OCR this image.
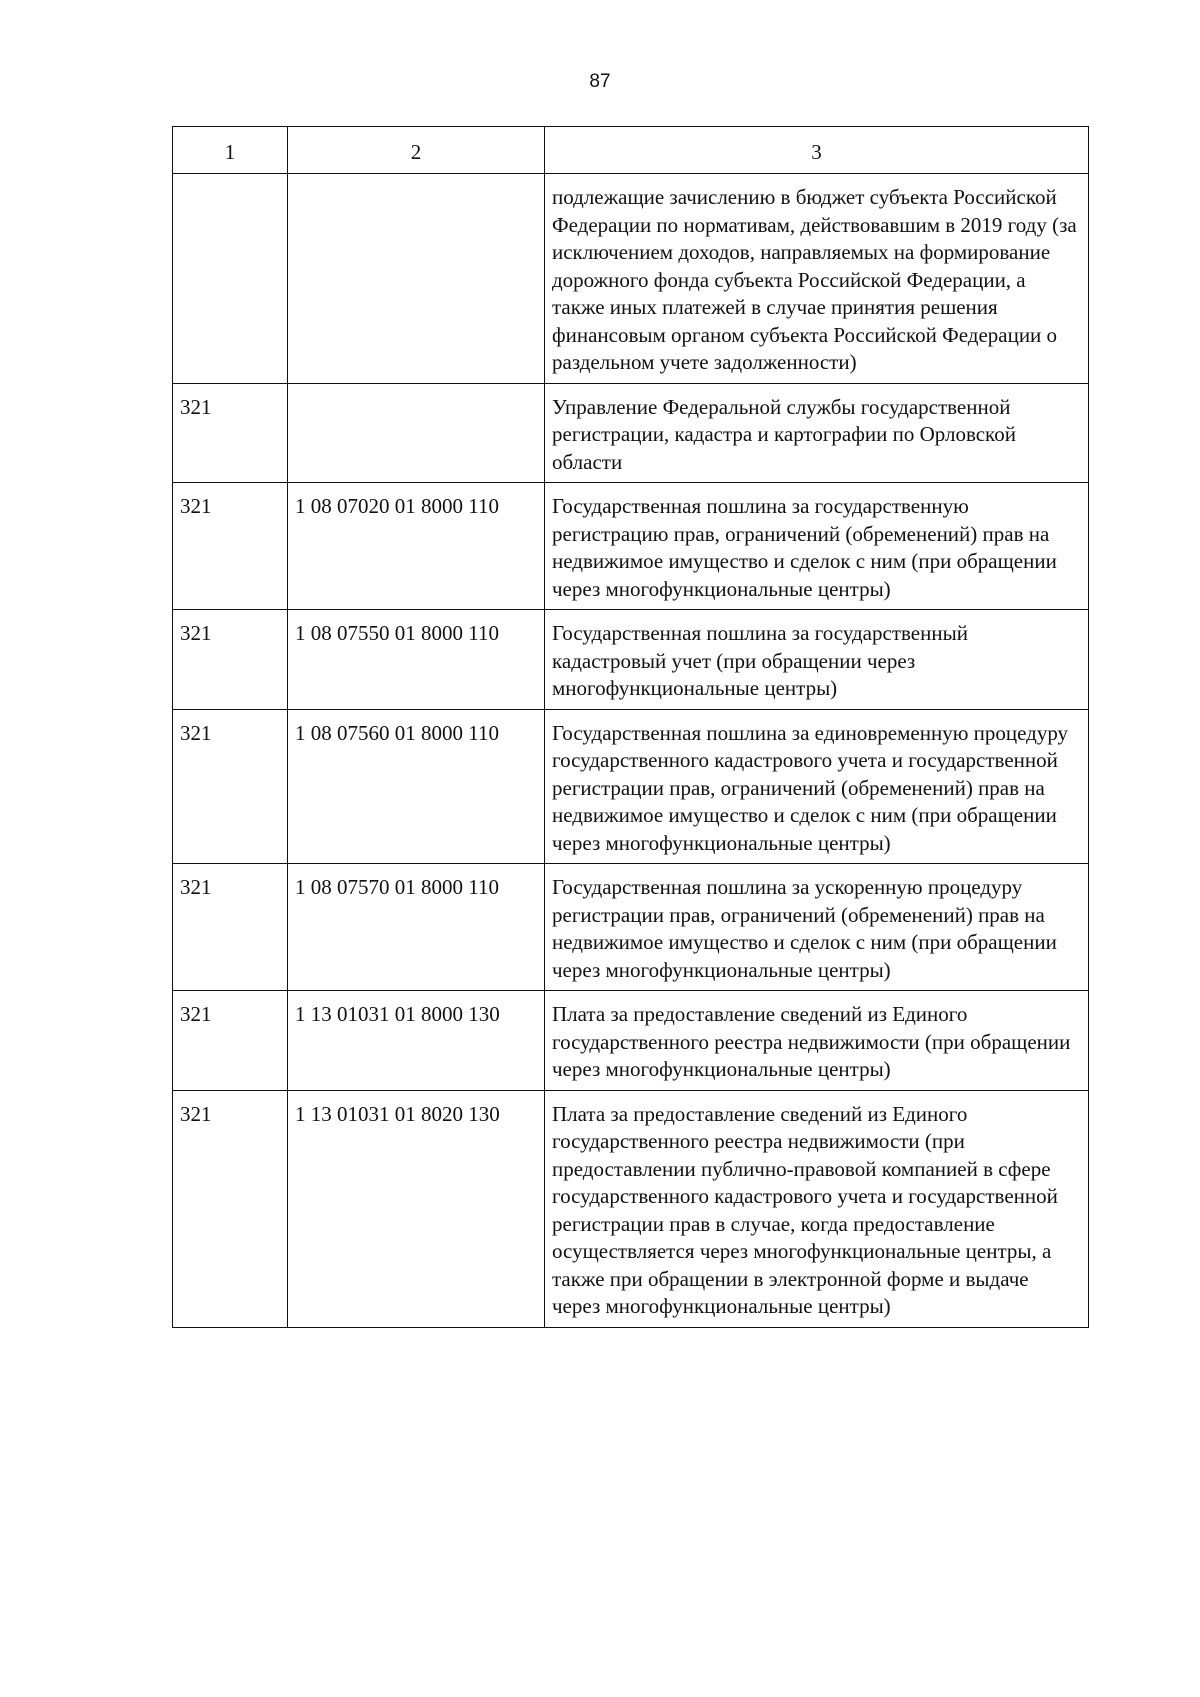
87
1	2	3
		подлежащие зачислению в бюджет субъекта Российской Федерации по нормативам, действовавшим в 2019 году (за исключением доходов, направляемых на формирование дорожного фонда субъекта Российской Федерации, а также иных платежей в случае принятия решения финансовым органом субъекта Российской Федерации о раздельном учете задолженности)
321		Управление Федеральной службы государственной регистрации, кадастра и картографии по Орловской области
321	1 08 07020 01 8000 110	Государственная пошлина за государственную регистрацию прав, ограничений (обременений) прав на недвижимое имущество и сделок с ним (при обращении через многофункциональные центры)
321	1 08 07550 01 8000 110	Государственная пошлина за государственный кадастровый учет (при обращении через многофункциональные центры)
321	1 08 07560 01 8000 110	Государственная пошлина за единовременную процедуру государственного кадастрового учета и государственной регистрации прав, ограничений (обременений) прав на недвижимое имущество и сделок с ним (при обращении через многофункциональные центры)
321	1 08 07570 01 8000 110	Государственная пошлина за ускоренную процедуру регистрации прав, ограничений (обременений) прав на недвижимое имущество и сделок с ним (при обращении через многофункциональные центры)
321	1 13 01031 01 8000 130	Плата за предоставление сведений из Единого государственного реестра недвижимости (при обращении через многофункциональные центры)
321	1 13 01031 01 8020 130	Плата за предоставление сведений из Единого государственного реестра недвижимости (при предоставлении публично-правовой компанией в сфере государственного кадастрового учета и государственной регистрации прав в случае, когда предоставление осуществляется через многофункциональные центры, а также при обращении в электронной форме и выдаче через многофункциональные центры)
